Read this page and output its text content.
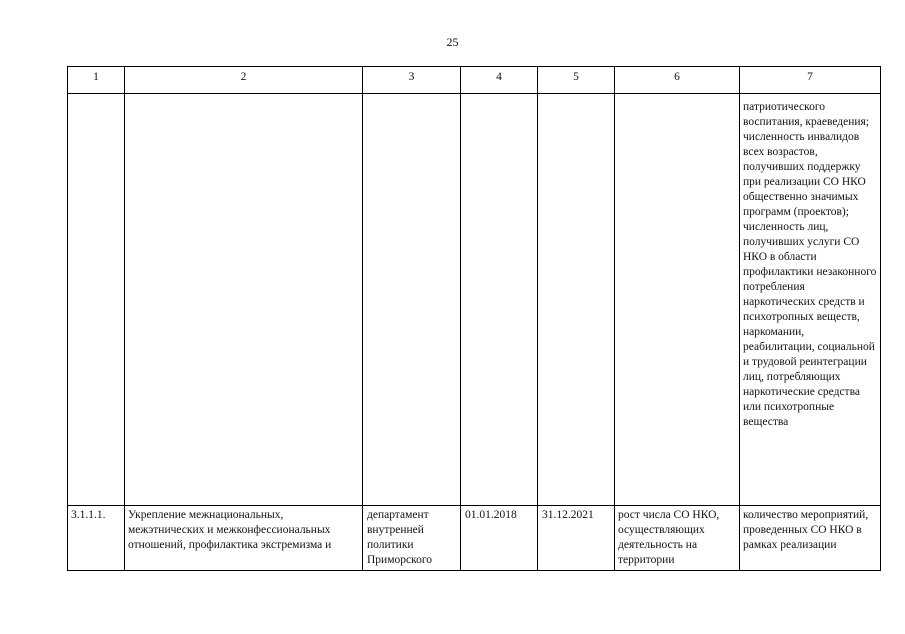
25
1	2	3	4	5	6	7
						патриотического воспитания, краеведения; численность инвалидов всех возрастов, получивших поддержку при реализации СО НКО общественно значимых программ (проектов); численность лиц, получивших услуги СО НКО в области профилактики незаконного потребления наркотических средств и психотропных веществ, наркомании, реабилитации, социальной и трудовой реинтеграции лиц, потребляющих наркотические средства или психотропные вещества
3.1.1.1.	Укрепление межнациональных, межэтнических и межконфессиональных отношений, профилактика экстремизма и	департамент внутренней политики Приморского	01.01.2018	31.12.2021	рост числа СО НКО, осуществляющих деятельность на территории	количество мероприятий, проведенных СО НКО в рамках реализации
